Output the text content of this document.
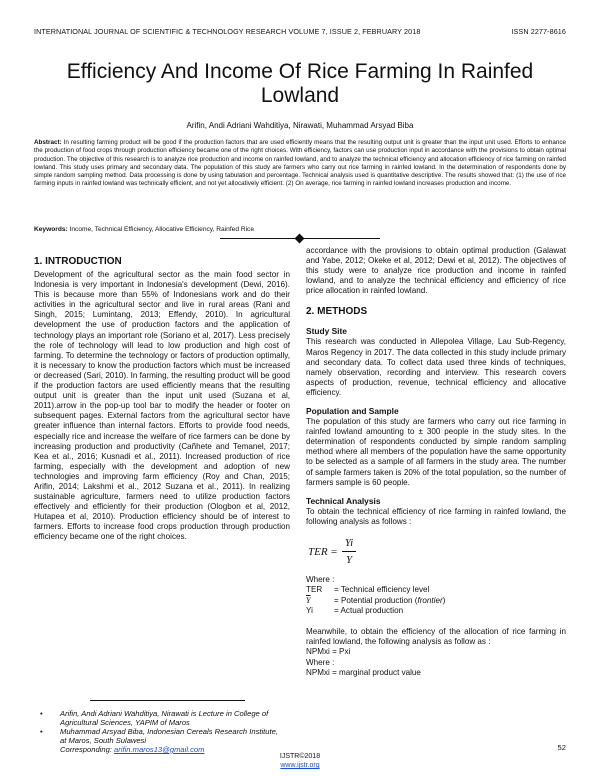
INTERNATIONAL JOURNAL OF SCIENTIFIC & TECHNOLOGY RESEARCH VOLUME 7, ISSUE 2, FEBRUARY 2018	ISSN 2277-8616
Efficiency And Income Of Rice Farming In Rainfed Lowland
Arifin, Andi Adriani Wahditiya, Nirawati, Muhammad Arsyad Biba
Abstract: In resulting farming product will be good if the production factors that are used efficiently means that the resulting output unit is greater than the input unit used. Efforts to enhance the production of food crops through production efficiency became one of the right choices. With efficiency, factors can use production input in accordance with the provisions to obtain optimal production. The objective of this research is to analyze rice production and income on rainfed lowland, and to analyze the technical efficiency and allocation efficiency of rice farming on rainfed lowland. This study uses primary and secondary data. The population of this study are farmers who carry out rice farming in rainfed lowland. In the determination of respondents done by simple random sampling method. Data processing is done by using tabulation and percentage. Technical analysis used is quantitative descriptive. The results showed that: (1) the use of rice farming inputs in rainfed lowland was technically efficient, and not yet allocatively efficient. (2) On average, rice farming in rainfed lowland increases production and income.
Keywords: Income, Technical Efficiency, Allocative Efficiency, Rainfed Rice
1. INTRODUCTION

Development of the agricultural sector as the main food sector in Indonesia is very important in Indonesia's development (Dewi, 2016). This is because more than 55% of Indonesians work and do their activities in the agricultural sector and live in rural areas (Rani and Singh, 2015; Lumintang, 2013; Effendy, 2010). In agricultural development the use of production factors and the application of technology plays an important role (Soriano et al, 2017). Less precisely the role of technology will lead to low production and high cost of farming. To determine the technology or factors of production optimally, it is necessary to know the production factors which must be increased or decreased (Sari, 2010). In farming, the resulting product will be good if the production factors are used efficiently means that the resulting output unit is greater than the input unit used (Suzana et al, 2011).arrow in the pop-up tool bar to modify the header or footer on subsequent pages. External factors from the agricultural sector have greater influence than internal factors. Efforts to provide food needs, especially rice and increase the welfare of rice farmers can be done by increasing production and productivity (Cañhete and Temanel, 2017; Kea et al., 2016; Kusnadi et al., 2011). Increased production of rice farming, especially with the development and adoption of new technologies and improving farm efficiency (Roy and Chan, 2015; Arifin, 2014; Lakshmi et al., 2012 Suzana et al., 2011). In realizing sustainable agriculture, farmers need to utilize production factors effectively and efficiently for their production (Ologbon et al, 2012, Hutapea et al, 2010). Production efficiency should be of interest to farmers. Efforts to increase food crops production through production efficiency became one of the right choices.

accordance with the provisions to obtain optimal production (Galawat and Yabe, 2012; Okeke et al, 2012; Dewi et al, 2012). The objectives of this study were to analyze rice production and income in rainfed lowland, and to analyze the technical efficiency and efficiency of rice price allocation in rainfed lowland.

2. METHODS
Study Site

This research was conducted in Allepolea Village, Lau Sub-Regency, Maros Regency in 2017. The data collected in this study include primary and secondary data. To collect data used three kinds of techniques, namely observation, recording and interview. This research covers aspects of production, revenue, technical efficiency and allocative efficiency.

Population and Sample

The population of this study are farmers who carry out rice farming in rainfed lowland amounting to ± 300 people in the study sites. In the determination of respondents conducted by simple random sampling method where all members of the population have the same opportunity to be selected as a sample of all farmers in the study area. The number of sample farmers taken is 20% of the total population, so the number of farmers sample is 60 people.

Technical Analysis

To obtain the technical efficiency of rice farming in rainfed lowland, the following analysis as follows :

TER =
Yi
Y
Where :
TER	= Technical efficiency level
$\overline{Y}$	= Potential production (frontier)
Yi	= Actual production

Meanwhile, to obtain the efficiency of the allocation of rice farming in rainfed lowland, the following analysis as follow as :

NPMxi = Pxi
Where :
NPMxi = marginal product value
• Arifin, Andi Adriani Wahditiya, Nirawati is Lecture in College of Agricultural Sciences, YAPIM of Maros
• Muhammad Arsyad Biba, Indonesian Cereals Research Institute, at Maros, South Sulawesi
Corresponding: arifin.maros13@gmail.com	52
IJSTR©2018
www.ijstr.org
